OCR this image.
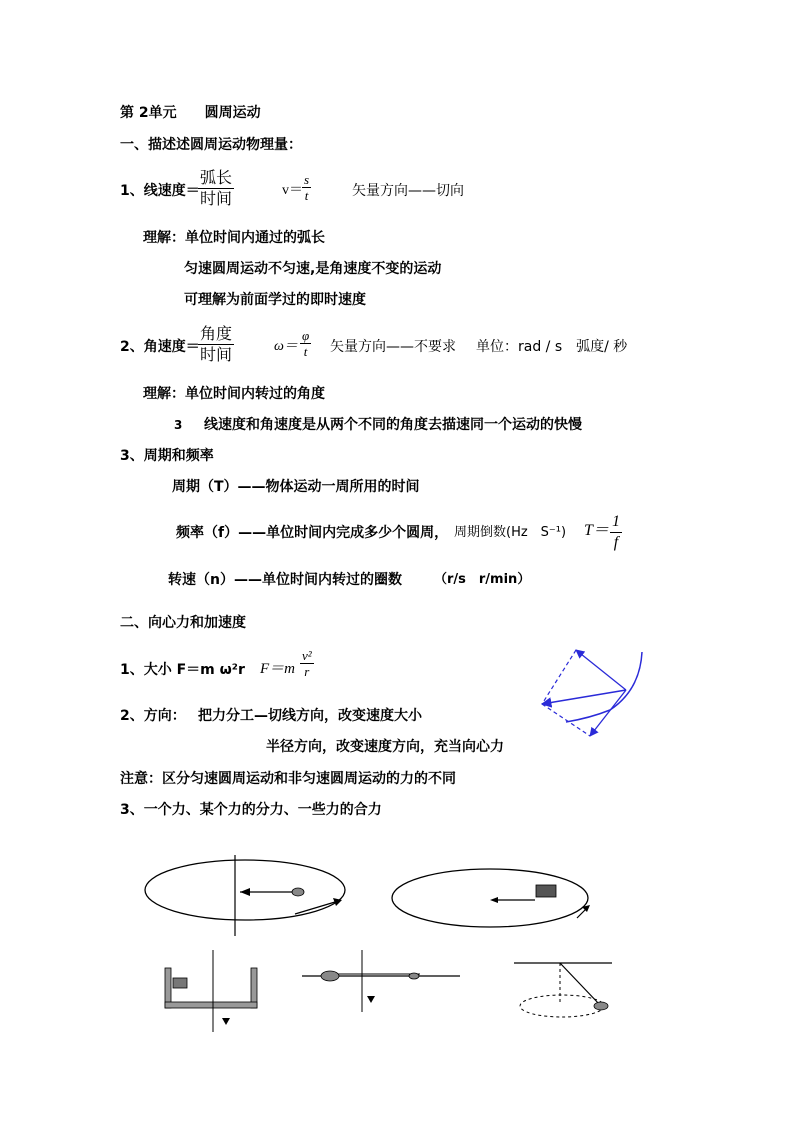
第 2单元　　圆周运动
一、描述述圆周运动物理量：
1、线速度＝
弧长
时间	$v= \frac{s}{t}$	矢量方向——切向
理解：单位时间内通过的弧长
匀速圆周运动不匀速,是角速度不变的运动
可理解为前面学过的即时速度
2、角速度＝
角度
时间	$\omega= \frac{\varphi}{t}$ 矢量方向——不要求 单位：rad / s　弧度/ 秒
理解：单位时间内转过的角度
3 线速度和角速度是从两个不同的角度去描速同一个运动的快慢
3、周期和频率
周期（T）——物体运动一周所用的时间
频率（f）——单位时间内完成多少个圆周， 周期倒数(Hz　S⁻¹) $T= \frac{1}{f}$
转速（n）——单位时间内转过的圈数 （r/s　r/min）
二、向心力和加速度
1、大小 F＝m ω²r $F=m \frac{\text{v²}}{r}$
2、方向： 把力分工—切线方向，改变速度大小
半径方向，改变速度方向，充当向心力
注意：区分匀速圆周运动和非匀速圆周运动的力的不同
3、一个力、某个力的分力、一些力的合力
